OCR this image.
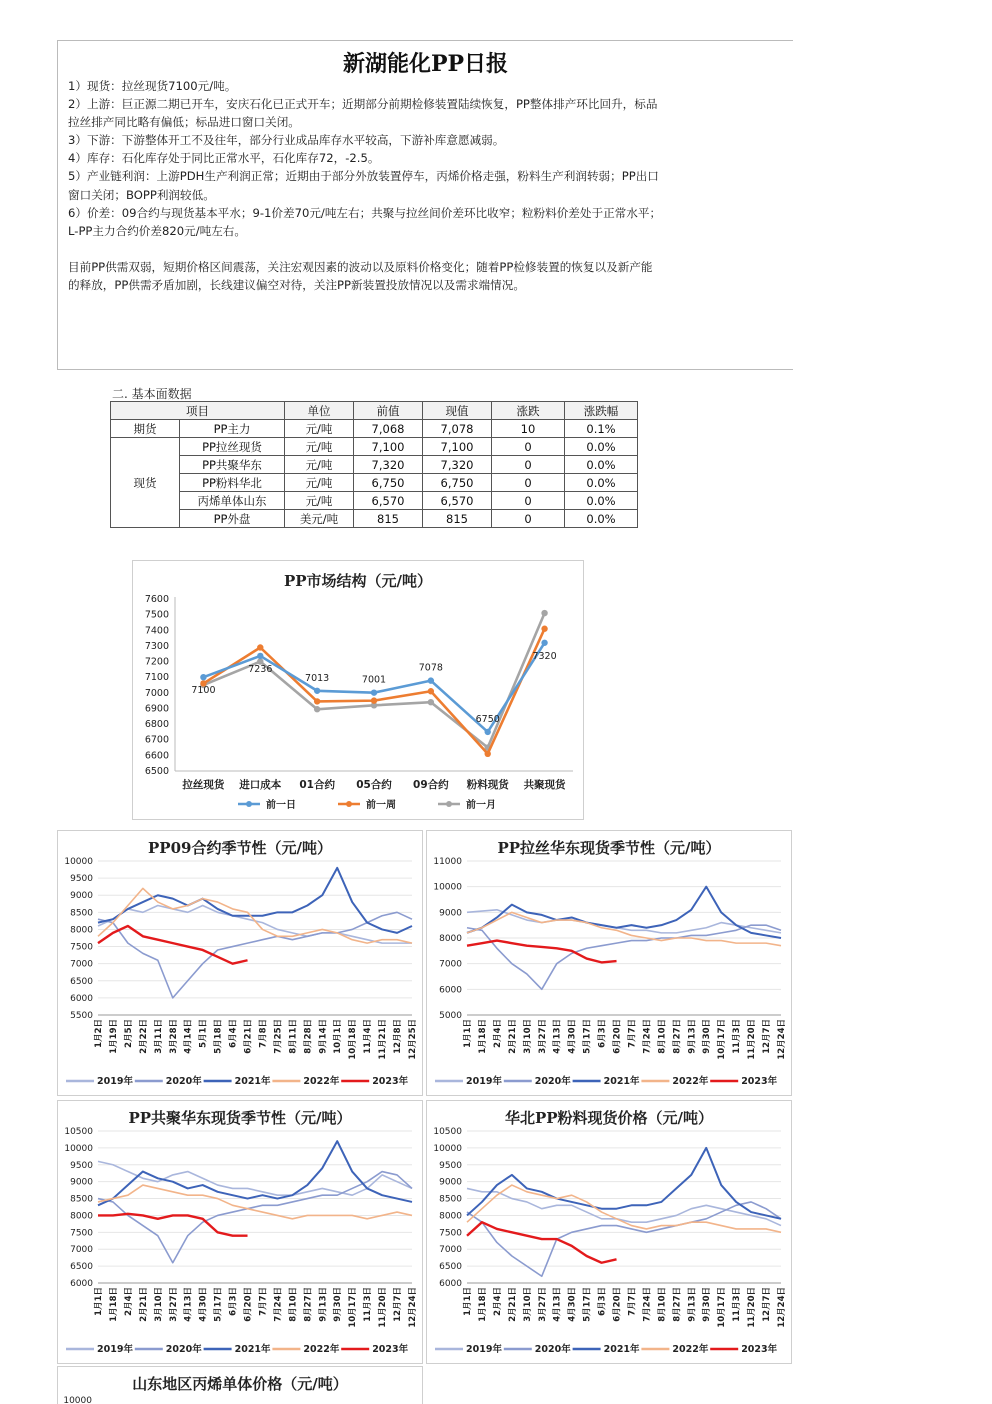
新湖能化PP日报

1）现货：拉丝现货7100元/吨。

2）上游：巨正源二期已开车，安庆石化已正式开车；近期部分前期检修装置陆续恢复，PP整体排产环比回升，标品

拉丝排产同比略有偏低；标品进口窗口关闭。

3）下游：下游整体开工不及往年，部分行业成品库存水平较高，下游补库意愿减弱。

4）库存：石化库存处于同比正常水平，石化库存72，-2.5。

5）产业链利润：上游PDH生产利润正常；近期由于部分外放装置停车，丙烯价格走强，粉料生产利润转弱；PP出口

窗口关闭；BOPP利润较低。

6）价差：09合约与现货基本平水；9-1价差70元/吨左右；共聚与拉丝间价差环比收窄；粒粉料价差处于正常水平；

L-PP主力合约价差820元/吨左右。

目前PP供需双弱，短期价格区间震荡，关注宏观因素的波动以及原料价格变化；随着PP检修装置的恢复以及新产能

的释放，PP供需矛盾加剧，长线建议偏空对待，关注PP新装置投放情况以及需求端情况。

二. 基本面数据
项目		单位	前值	现值	涨跌	涨跌幅
期货	PP主力	元/吨	7,068	7,078	10	0.1%
现货	PP拉丝现货	元/吨	7,100	7,100	0	0.0%
	PP共聚华东	元/吨	7,320	7,320	0	0.0%
	PP粉料华北	元/吨	6,750	6,750	0	0.0%
	丙烯单体山东	元/吨	6,570	6,570	0	0.0%
	PP外盘	美元/吨	815	815	0	0.0%
PP市场结构（元/吨）
6500
6600
6700
6800
6900
7000
7100
7200
7300
7400
7500
7600
拉丝现货 进口成本 01合约 05合约 09合约 粉料现货 共聚现货
7100
7236
7013	7001
7078
6750
7320
前一日	前一周	前一月
PP09合约季节性（元/吨）
5500
6000
6500
7000
7500
8000
8500
9000
9500
10000
1月2日 1月19日 2月5日 2月22日 3月11日 3月28日 4月14日 5月1日 5月18日 6月4日 6月21日 7月8日 7月25日 8月11日 8月28日 9月14日 10月1日 10月18日 11月4日 11月21日 12月8日 12月25日
2019年	2020年	2021年	2022年	2023年
PP拉丝华东现货季节性（元/吨）
5000
6000
7000
8000
9000
10000
11000
1月1日 1月18日 2月4日 2月21日 3月10日 3月27日 4月13日 4月30日 5月17日 6月3日 6月20日 7月7日 7月24日 8月10日 8月27日 9月13日 9月30日 10月17日 11月3日 11月20日 12月7日 12月24日
2019年	2020年	2021年	2022年	2023年
PP共聚华东现货季节性（元/吨）
6000
6500
7000
7500
8000
8500
9000
9500
10000
10500
1月1日 1月18日 2月4日 2月21日 3月10日 3月27日 4月13日 4月30日 5月17日 6月3日 6月20日 7月7日 7月24日 8月10日 8月27日 9月13日 9月30日 10月17日 11月3日 11月20日 12月7日 12月24日
2019年	2020年	2021年	2022年	2023年
华北PP粉料现货价格（元/吨）
6000
6500
7000
7500
8000
8500
9000
9500
10000
10500
1月1日 1月18日 2月4日 2月21日 3月10日 3月27日 4月13日 4月30日 5月17日 6月3日 6月20日 7月7日 7月24日 8月10日 8月27日 9月13日 9月30日 10月17日 11月3日 11月20日 12月7日 12月24日
2019年	2020年	2021年	2022年	2023年
山东地区丙烯单体价格（元/吨）
10000
